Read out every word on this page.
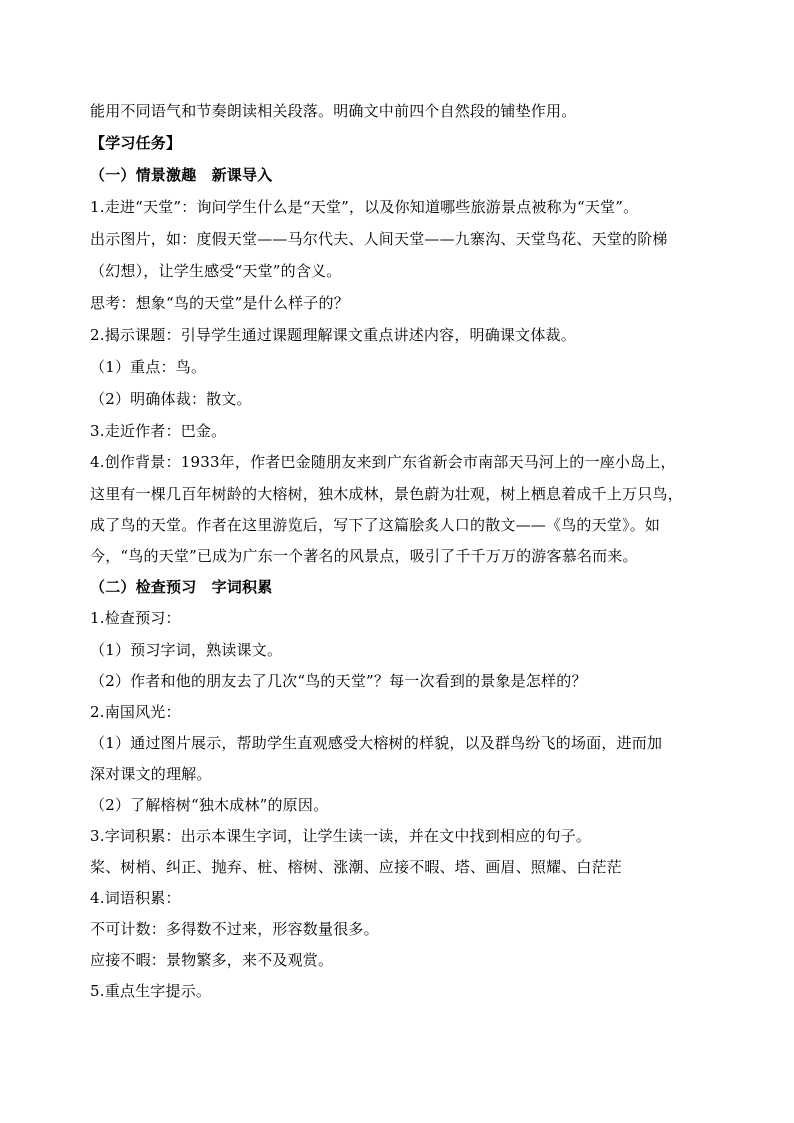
能用不同语气和节奏朗读相关段落。明确文中前四个自然段的铺垫作用。
【学习任务】
（一）情景激趣　新课导入
1.走进“天堂”：询问学生什么是“天堂”，以及你知道哪些旅游景点被称为“天堂”。
出示图片，如：度假天堂——马尔代夫、人间天堂——九寨沟、天堂鸟花、天堂的阶梯
（幻想），让学生感受“天堂”的含义。
思考：想象“鸟的天堂”是什么样子的？
2.揭示课题：引导学生通过课题理解课文重点讲述内容，明确课文体裁。
（1）重点：鸟。
（2）明确体裁：散文。
3.走近作者：巴金。
4.创作背景：1933年，作者巴金随朋友来到广东省新会市南部天马河上的一座小岛上，
这里有一棵几百年树龄的大榕树，独木成林，景色蔚为壮观，树上栖息着成千上万只鸟，
成了鸟的天堂。作者在这里游览后，写下了这篇脍炙人口的散文——《鸟的天堂》。如
今，“鸟的天堂”已成为广东一个著名的风景点，吸引了千千万万的游客慕名而来。
（二）检查预习　字词积累
1.检查预习：
（1）预习字词，熟读课文。
（2）作者和他的朋友去了几次“鸟的天堂”？每一次看到的景象是怎样的？
2.南国风光：
（1）通过图片展示，帮助学生直观感受大榕树的样貌，以及群鸟纷飞的场面，进而加
深对课文的理解。
（2）了解榕树“独木成林”的原因。
3.字词积累：出示本课生字词，让学生读一读，并在文中找到相应的句子。
桨、树梢、纠正、抛弃、桩、榕树、涨潮、应接不暇、塔、画眉、照耀、白茫茫
4.词语积累：
不可计数：多得数不过来，形容数量很多。
应接不暇：景物繁多，来不及观赏。
5.重点生字提示。
